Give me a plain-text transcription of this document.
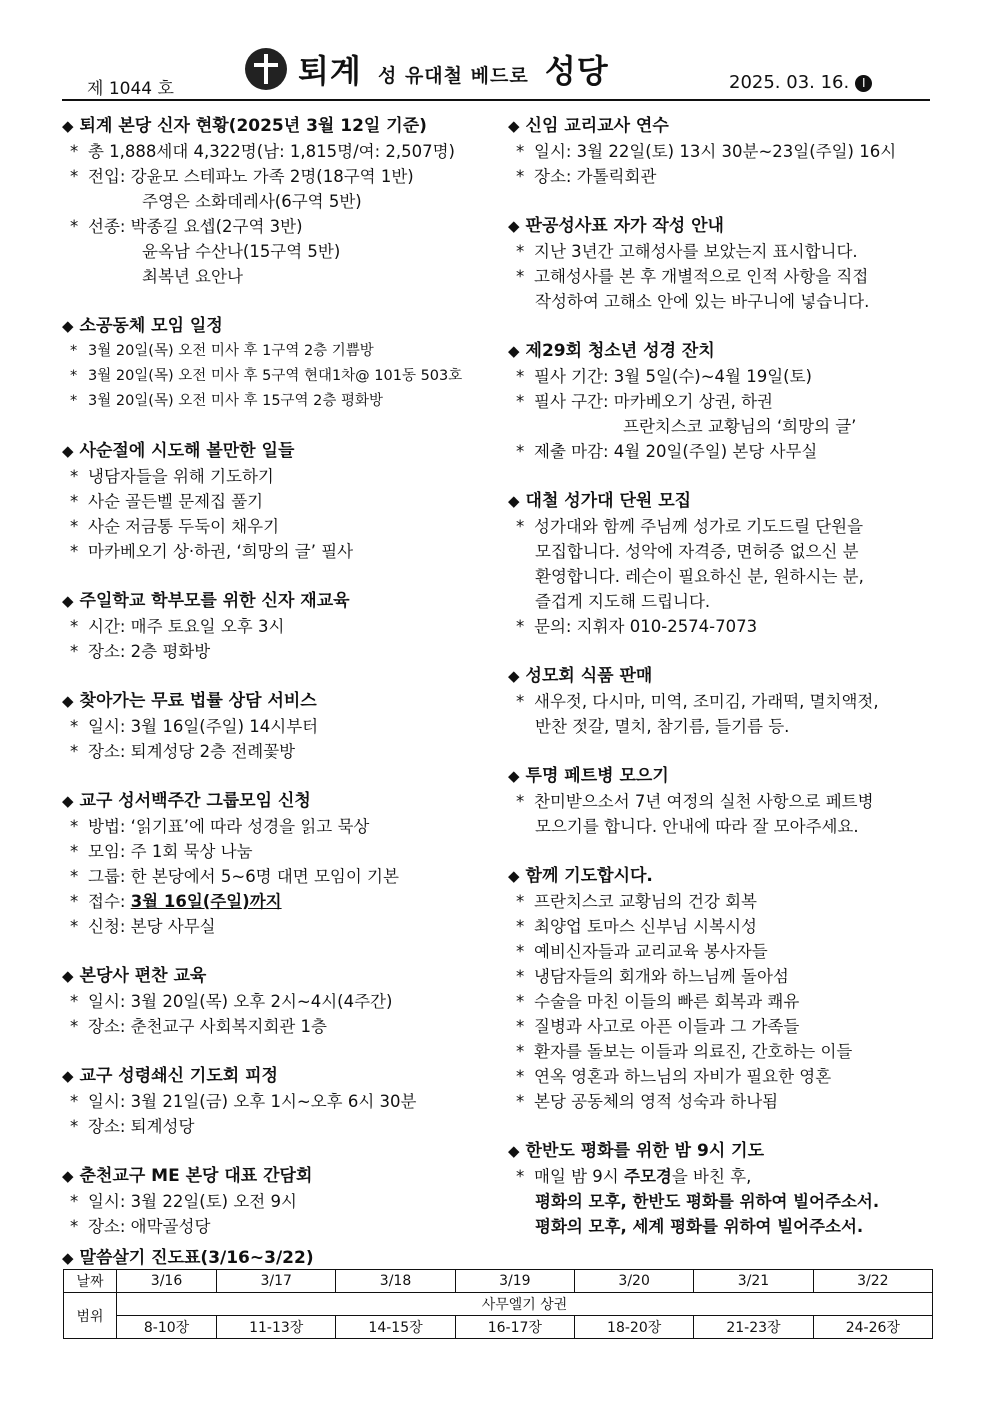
제 1044 호	퇴계 성 유대철 베드로 성당	2025. 03. 16. I
◆ 퇴계 본당 신자 현황(2025년 3월 12일 기준)
* 총 1,888세대 4,322명(남: 1,815명/여: 2,507명)
* 전입: 강윤모 스테파노 가족 2명(18구역 1반)
주영은 소화데레사(6구역 5반)
* 선종: 박종길 요셉(2구역 3반)
윤옥남 수산나(15구역 5반)
최복년 요안나
◆ 소공동체 모임 일정
* 3월 20일(목) 오전 미사 후 1구역 2층 기쁨방
* 3월 20일(목) 오전 미사 후 5구역 현대1차@ 101동 503호
* 3월 20일(목) 오전 미사 후 15구역 2층 평화방
◆ 사순절에 시도해 볼만한 일들
* 냉담자들을 위해 기도하기
* 사순 골든벨 문제집 풀기
* 사순 저금통 두둑이 채우기
* 마카베오기 상·하권, ‘희망의 글’ 필사
◆ 주일학교 학부모를 위한 신자 재교육
* 시간: 매주 토요일 오후 3시
* 장소: 2층 평화방
◆ 찾아가는 무료 법률 상담 서비스
* 일시: 3월 16일(주일) 14시부터
* 장소: 퇴계성당 2층 전례꽃방
◆ 교구 성서백주간 그룹모임 신청
* 방법: ‘읽기표’에 따라 성경을 읽고 묵상
* 모임: 주 1회 묵상 나눔
* 그룹: 한 본당에서 5~6명 대면 모임이 기본
* 접수: 3월 16일(주일)까지
* 신청: 본당 사무실
◆ 본당사 편찬 교육
* 일시: 3월 20일(목) 오후 2시~4시(4주간)
* 장소: 춘천교구 사회복지회관 1층
◆ 교구 성령쇄신 기도회 피정
* 일시: 3월 21일(금) 오후 1시~오후 6시 30분
* 장소: 퇴계성당
◆ 춘천교구 ME 본당 대표 간담회
* 일시: 3월 22일(토) 오전 9시
* 장소: 애막골성당
◆ 신임 교리교사 연수
* 일시: 3월 22일(토) 13시 30분~23일(주일) 16시
* 장소: 가톨릭회관
◆ 판공성사표 자가 작성 안내
* 지난 3년간 고해성사를 보았는지 표시합니다.
* 고해성사를 본 후 개별적으로 인적 사항을 직접
작성하여 고해소 안에 있는 바구니에 넣습니다.
◆ 제29회 청소년 성경 잔치
* 필사 기간: 3월 5일(수)~4월 19일(토)
* 필사 구간: 마카베오기 상권, 하권
프란치스코 교황님의 ‘희망의 글’
* 제출 마감: 4월 20일(주일) 본당 사무실
◆ 대철 성가대 단원 모집
* 성가대와 함께 주님께 성가로 기도드릴 단원을
모집합니다. 성악에 자격증, 면허증 없으신 분
환영합니다. 레슨이 필요하신 분, 원하시는 분,
즐겁게 지도해 드립니다.
* 문의: 지휘자 010-2574-7073
◆ 성모회 식품 판매
* 새우젓, 다시마, 미역, 조미김, 가래떡, 멸치액젓,
반찬 젓갈, 멸치, 참기름, 들기름 등.
◆ 투명 페트병 모으기
* 찬미받으소서 7년 여정의 실천 사항으로 페트병
모으기를 합니다. 안내에 따라 잘 모아주세요.
◆ 함께 기도합시다.
* 프란치스코 교황님의 건강 회복
* 최양업 토마스 신부님 시복시성
* 예비신자들과 교리교육 봉사자들
* 냉담자들의 회개와 하느님께 돌아섬
* 수술을 마친 이들의 빠른 회복과 쾌유
* 질병과 사고로 아픈 이들과 그 가족들
* 환자를 돌보는 이들과 의료진, 간호하는 이들
* 연옥 영혼과 하느님의 자비가 필요한 영혼
* 본당 공동체의 영적 성숙과 하나됨
◆ 한반도 평화를 위한 밤 9시 기도
* 매일 밤 9시 주모경을 바친 후,
평화의 모후, 한반도 평화를 위하여 빌어주소서.
평화의 모후, 세계 평화를 위하여 빌어주소서.
◆ 말씀살기 진도표(3/16~3/22)
날짜	3/16	3/17	3/18	3/19	3/20	3/21	3/22
범위	사무엘기 상권						
	8-10장	11-13장	14-15장	16-17장	18-20장	21-23장	24-26장
